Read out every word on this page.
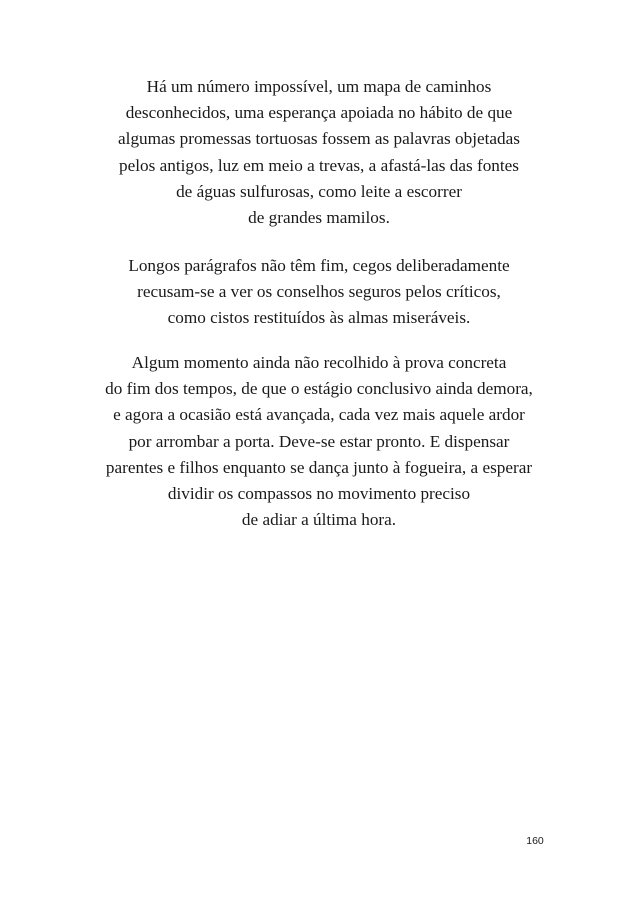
Há um número impossível, um mapa de caminhos
desconhecidos, uma esperança apoiada no hábito de que
algumas promessas tortuosas fossem as palavras objetadas
pelos antigos, luz em meio a trevas, a afastá-las das fontes
de águas sulfurosas, como leite a escorrer
de grandes mamilos.
Longos parágrafos não têm fim, cegos deliberadamente
recusam-se a ver os conselhos seguros pelos críticos,
como cistos restituídos às almas miseráveis.
Algum momento ainda não recolhido à prova concreta
do fim dos tempos, de que o estágio conclusivo ainda demora,
e agora a ocasião está avançada, cada vez mais aquele ardor
por arrombar a porta. Deve-se estar pronto. E dispensar
parentes e filhos enquanto se dança junto à fogueira, a esperar
dividir os compassos no movimento preciso
de adiar a última hora.
160
